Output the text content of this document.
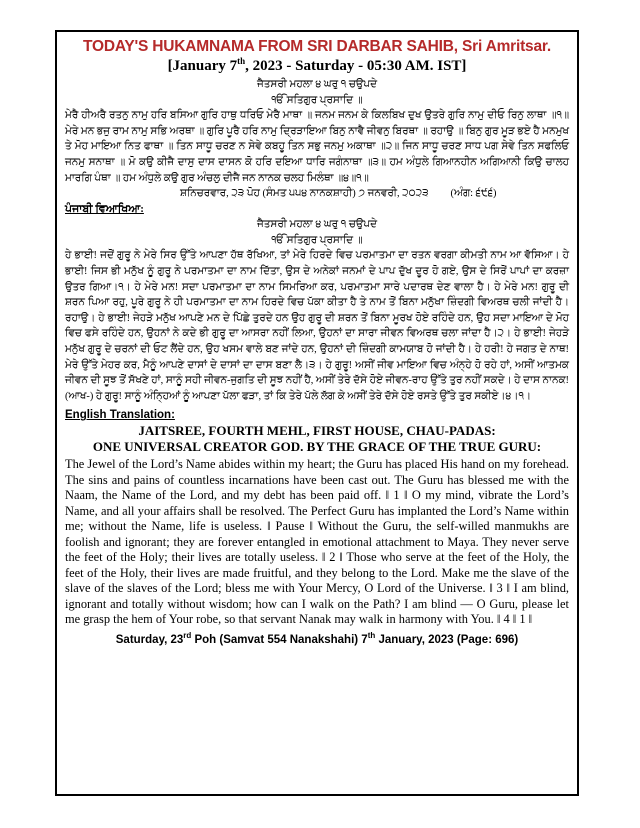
TODAY'S HUKAMNAMA FROM SRI DARBAR SAHIB, Sri Amritsar.
[January 7th, 2023 - Saturday - 05:30 AM. IST]
ਜੈਤਸਰੀ ਮਹਲਾ ੪ ਘਰੁ ੧ ਚਉਪਦੇ
ੴ ਸਤਿਗੁਰ ਪ੍ਰਸਾਦਿ ॥
ਮੇਰੈ ਹੀਅਰੈ ਰਤਨੁ ਨਾਮੁ ਹਰਿ ਬਸਿਆ ਗੁਰਿ ਹਾਥੁ ਧਰਿਓ ਮੇਰੈ ਮਾਥਾ ॥ ਜਨਮ ਜਨਮ ਕੇ ਕਿਲਬਿਖ ਦੁਖ ਉਤਰੇ ਗੁਰਿ ਨਾਮੁ ਦੀਓ ਰਿਨੁ ਲਾਥਾ ॥੧॥ ਮੇਰੇ ਮਨ ਭਜੁ ਰਾਮ ਨਾਮੁ ਸਭਿ ਅਰਥਾ ॥ ਗੁਰਿ ਪੂਰੈ ਹਰਿ ਨਾਮੁ ਦ੍ਰਿੜਾਇਆ ਬਿਨੁ ਨਾਵੈ ਜੀਵਨੁ ਬਿਰਥਾ ॥ ਰਹਾਉ ॥ ਬਿਨੁ ਗੁਰ ਮੂੜ ਭਏ ਹੈ ਮਨਮੁਖ ਤੇ ਮੋਹ ਮਾਇਆ ਨਿਤ ਫਾਥਾ ॥ ਤਿਨ ਸਾਧੂ ਚਰਣ ਨ ਸੇਵੇ ਕਬਹੂ ਤਿਨ ਸਭੁ ਜਨਮੁ ਅਕਾਥਾ ॥੨॥ ਜਿਨ ਸਾਧੂ ਚਰਣ ਸਾਧ ਪਗ ਸੇਵੇ ਤਿਨ ਸਫਲਿਓ ਜਨਮੁ ਸਨਾਥਾ ॥ ਮੋ ਕਉ ਕੀਜੈ ਦਾਸੁ ਦਾਸ ਦਾਸਨ ਕੋ ਹਰਿ ਦਇਆ ਧਾਰਿ ਜਗੰਨਾਥਾ ॥੩॥ ਹਮ ਅੰਧੁਲੇ ਗਿਆਨਹੀਨ ਅਗਿਆਨੀ ਕਿਉ ਚਾਲਹ ਮਾਰਗਿ ਪੰਥਾ ॥ ਹਮ ਅੰਧੁਲੇ ਕਉ ਗੁਰ ਅੰਚਲੁ ਦੀਜੈ ਜਨ ਨਾਨਕ ਚਲਹ ਮਿਲੰਥਾ ॥੪॥੧॥
ਸ਼ਨਿਚਰਵਾਰ, ੨੩ ਪੋਹ (ਸੰਮਤ ੫੫੪ ਨਾਨਕਸ਼ਾਹੀ) ੭ ਜਨਵਰੀ, ੨੦੨੩ (ਅੰਗ: ੬੯੬)
ਪੰਜਾਬੀ ਵਿਆਖਿਆ:
ਜੈਤਸਰੀ ਮਹਲਾ ੪ ਘਰੁ ੧ ਚਉਪਦੇ
ੴ ਸਤਿਗੁਰ ਪ੍ਰਸਾਦਿ ॥
ਹੇ ਭਾਈ! ਜਦੋਂ ਗੁਰੂ ਨੇ ਮੇਰੇ ਸਿਰ ਉੱਤੇ ਆਪਣਾ ਹੱਥ ਰੱਖਿਆ, ਤਾਂ ਮੇਰੇ ਹਿਰਦੇ ਵਿਚ ਪਰਮਾਤਮਾ ਦਾ ਰਤਨ ਵਰਗਾ ਕੀਮਤੀ ਨਾਮ ਆ ਵੱਸਿਆ। ਹੇ ਭਾਈ! ਜਿਸ ਭੀ ਮਨੁੱਖ ਨੂੰ ਗੁਰੂ ਨੇ ਪਰਮਾਤਮਾ ਦਾ ਨਾਮ ਦਿੱਤਾ, ਉਸ ਦੇ ਅਨੇਕਾਂ ਜਨਮਾਂ ਦੇ ਪਾਪ ਦੁੱਖ ਦੂਰ ਹੋ ਗਏ, ਉਸ ਦੇ ਸਿਰੋਂ ਪਾਪਾਂ ਦਾ ਕਰਜ਼ਾ ਉਤਰ ਗਿਆ।੧। ਹੇ ਮੇਰੇ ਮਨ! ਸਦਾ ਪਰਮਾਤਮਾ ਦਾ ਨਾਮ ਸਿਮਰਿਆ ਕਰ, ਪਰਮਾਤਮਾ ਸਾਰੇ ਪਦਾਰਥ ਦੇਣ ਵਾਲਾ ਹੈ। ਹੇ ਮੇਰੇ ਮਨ! ਗੁਰੂ ਦੀ ਸ਼ਰਨ ਪਿਆ ਰਹੁ, ਪੂਰੇ ਗੁਰੂ ਨੇ ਹੀ ਪਰਮਾਤਮਾ ਦਾ ਨਾਮ ਹਿਰਦੇ ਵਿਚ ਪੱਕਾ ਕੀਤਾ ਹੈ ਤੇ ਨਾਮ ਤੋਂ ਬਿਨਾ ਮਨੁੱਖਾ ਜ਼ਿੰਦਗੀ ਵਿਅਰਥ ਚਲੀ ਜਾਂਦੀ ਹੈ।ਰਹਾਉ। ਹੇ ਭਾਈ! ਜੇਹੜੇ ਮਨੁੱਖ ਆਪਣੇ ਮਨ ਦੇ ਪਿੱਛੇ ਤੁਰਦੇ ਹਨ ਉਹ ਗੁਰੂ ਦੀ ਸ਼ਰਨ ਤੋਂ ਬਿਨਾ ਮੂਰਖ ਹੋਏ ਰਹਿੰਦੇ ਹਨ, ਉਹ ਸਦਾ ਮਾਇਆ ਦੇ ਮੋਹ ਵਿਚ ਫਸੇ ਰਹਿੰਦੇ ਹਨ, ਉਹਨਾਂ ਨੇ ਕਦੇ ਭੀ ਗੁਰੂ ਦਾ ਆਸਰਾ ਨਹੀਂ ਲਿਆ, ਉਹਨਾਂ ਦਾ ਸਾਰਾ ਜੀਵਨ ਵਿਅਰਥ ਚਲਾ ਜਾਂਦਾ ਹੈ।੨। ਹੇ ਭਾਈ! ਜੇਹੜੇ ਮਨੁੱਖ ਗੁਰੂ ਦੇ ਚਰਨਾਂ ਦੀ ਓਟ ਲੈਂਦੇ ਹਨ, ਉਹ ਖਸਮ ਵਾਲੇ ਬਣ ਜਾਂਦੇ ਹਨ, ਉਹਨਾਂ ਦੀ ਜ਼ਿੰਦਗੀ ਕਾਮਯਾਬ ਹੋ ਜਾਂਦੀ ਹੈ। ਹੇ ਹਰੀ! ਹੇ ਜਗਤ ਦੇ ਨਾਥ! ਮੇਰੇ ਉੱਤੇ ਮੇਹਰ ਕਰ, ਮੈਨੂੰ ਆਪਣੇ ਦਾਸਾਂ ਦੇ ਦਾਸਾਂ ਦਾ ਦਾਸ ਬਣਾ ਲੈ।੩। ਹੇ ਗੁਰੂ! ਅਸੀਂ ਜੀਵ ਮਾਇਆ ਵਿਚ ਅੰਨ੍ਹੇ ਹੋ ਰਹੇ ਹਾਂ, ਅਸੀਂ ਆਤਮਕ ਜੀਵਨ ਦੀ ਸੂਝ ਤੋਂ ਸੱਖਣੇ ਹਾਂ, ਸਾਨੂੰ ਸਹੀ ਜੀਵਨ-ਜੁਗਤਿ ਦੀ ਸੂਝ ਨਹੀਂ ਹੈ, ਅਸੀਂ ਤੇਰੇ ਦੱਸੇ ਹੋਏ ਜੀਵਨ-ਰਾਹ ਉੱਤੇ ਤੁਰ ਨਹੀਂ ਸਕਦੇ। ਹੇ ਦਾਸ ਨਾਨਕ! (ਆਖ-) ਹੇ ਗੁਰੂ! ਸਾਨੂੰ ਅੰਨ੍ਹਿਆਂ ਨੂੰ ਆਪਣਾ ਪੱਲਾ ਫੜਾ, ਤਾਂ ਕਿ ਤੇਰੇ ਪੱਲੇ ਲੱਗ ਕੇ ਅਸੀਂ ਤੇਰੇ ਦੱਸੇ ਹੋਏ ਰਸਤੇ ਉੱਤੇ ਤੁਰ ਸਕੀਏ।੪।੧।
English Translation:
JAITSREE, FOURTH MEHL, FIRST HOUSE, CHAU-PADAS:
ONE UNIVERSAL CREATOR GOD. BY THE GRACE OF THE TRUE GURU:
The Jewel of the Lord’s Name abides within my heart; the Guru has placed His hand on my forehead. The sins and pains of countless incarnations have been cast out. The Guru has blessed me with the Naam, the Name of the Lord, and my debt has been paid off. ‖ 1 ‖ O my mind, vibrate the Lord’s Name, and all your affairs shall be resolved. The Perfect Guru has implanted the Lord’s Name within me; without the Name, life is useless. ‖ Pause ‖ Without the Guru, the self-willed manmukhs are foolish and ignorant; they are forever entangled in emotional attachment to Maya. They never serve the feet of the Holy; their lives are totally useless. ‖ 2 ‖ Those who serve at the feet of the Holy, the feet of the Holy, their lives are made fruitful, and they belong to the Lord. Make me the slave of the slave of the slaves of the Lord; bless me with Your Mercy, O Lord of the Universe. ‖ 3 ‖ I am blind, ignorant and totally without wisdom; how can I walk on the Path? I am blind — O Guru, please let me grasp the hem of Your robe, so that servant Nanak may walk in harmony with You. ‖ 4 ‖ 1 ‖
Saturday, 23rd Poh (Samvat 554 Nanakshahi) 7th January, 2023 (Page: 696)
